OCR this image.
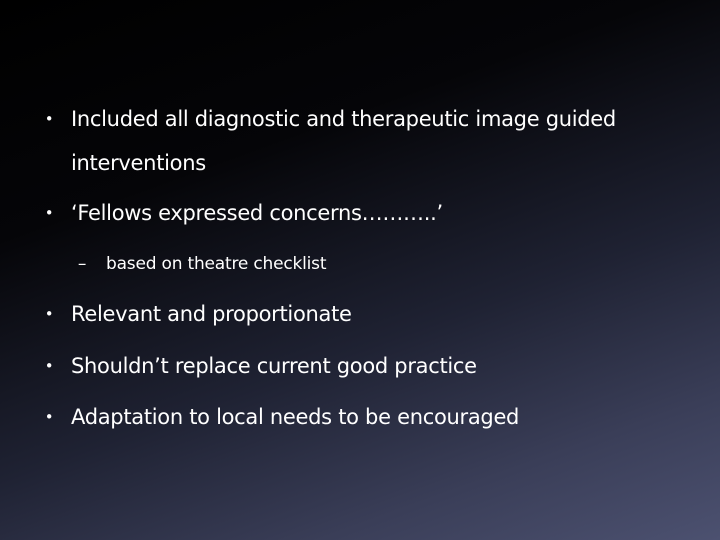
• Included all diagnostic and therapeutic image guided
interventions
• ‘Fellows expressed concerns………..’
– based on theatre checklist
• Relevant and proportionate
• Shouldn’t replace current good practice
• Adaptation to local needs to be encouraged
